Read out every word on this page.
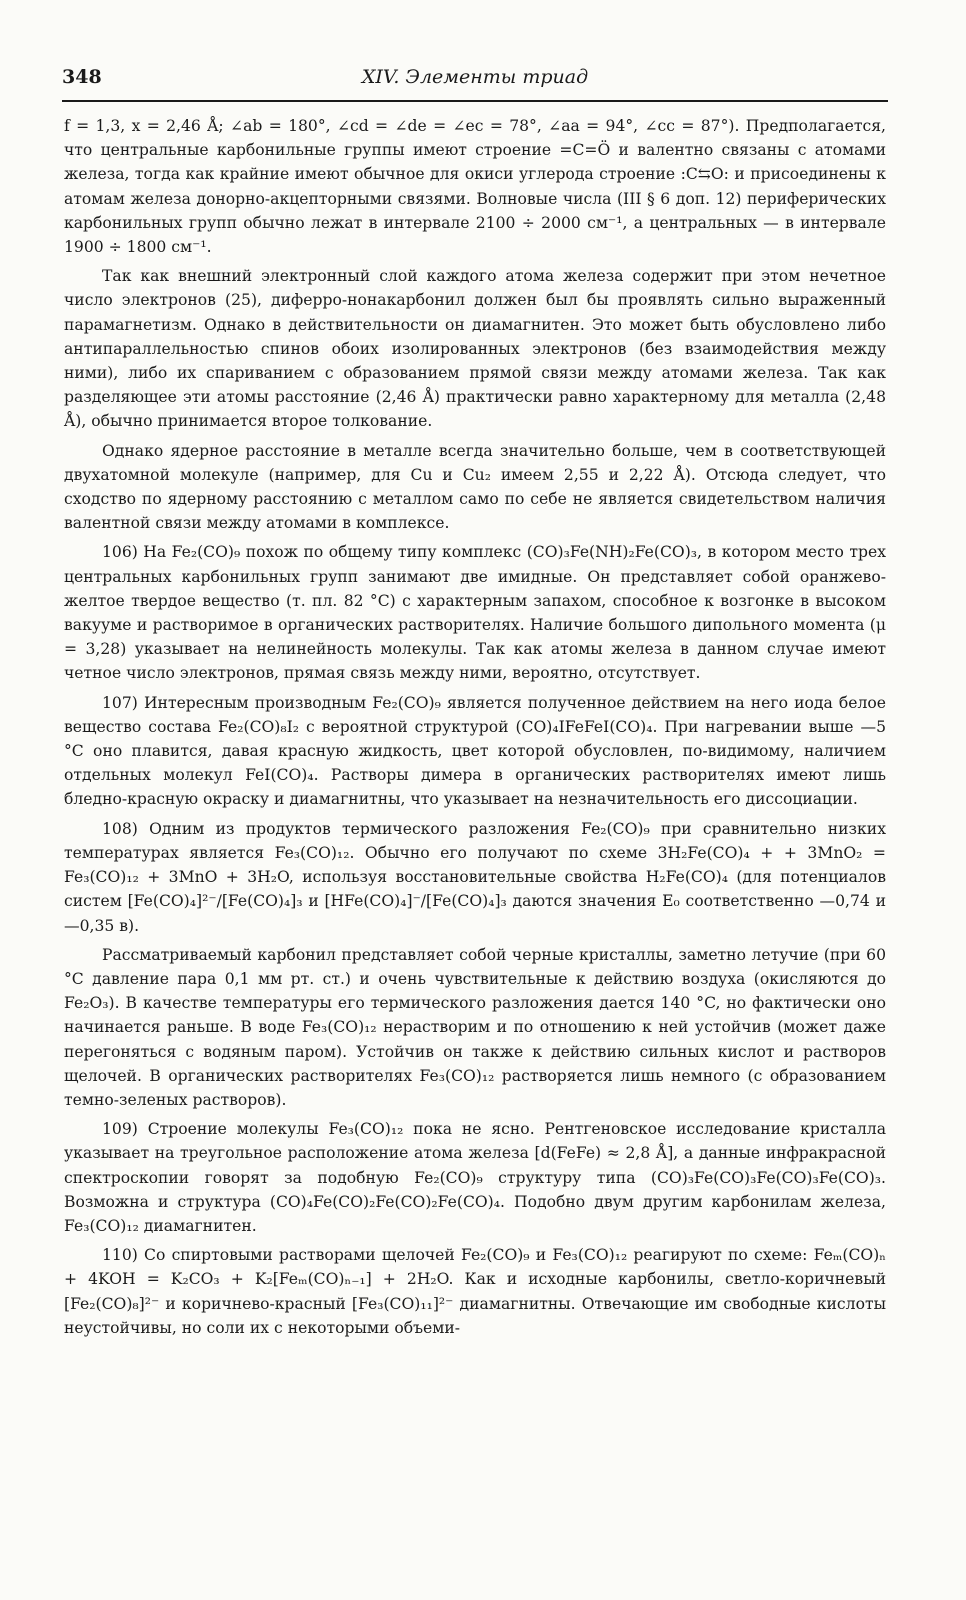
348	XIV. Элементы триад

f = 1,3, x = 2,46 Å; ∠ab = 180°, ∠cd = ∠de = ∠ec = 78°, ∠aa = 94°, ∠cc = 87°). Предполагается, что центральные карбонильные группы имеют строение =C=Ö и валентно связаны с атомами железа, тогда как крайние имеют обычное для окиси углерода строение :C⇆O: и присоединены к атомам железа донорно-акцепторными связями. Волновые числа (III § 6 доп. 12) периферических карбонильных групп обычно лежат в интервале 2100 ÷ 2000 см⁻¹, а центральных — в интервале 1900 ÷ 1800 см⁻¹.

Так как внешний электронный слой каждого атома железа содержит при этом нечетное число электронов (25), диферро-нонакарбонил должен был бы проявлять сильно выраженный парамагнетизм. Однако в действительности он диамагнитен. Это может быть обусловлено либо антипараллельностью спинов обоих изолированных электронов (без взаимодействия между ними), либо их спариванием с образованием прямой связи между атомами железа. Так как разделяющее эти атомы расстояние (2,46 Å) практически равно характерному для металла (2,48 Å), обычно принимается второе толкование.

Однако ядерное расстояние в металле всегда значительно больше, чем в соответствующей двухатомной молекуле (например, для Cu и Cu₂ имеем 2,55 и 2,22 Å). Отсюда следует, что сходство по ядерному расстоянию с металлом само по себе не является свидетельством наличия валентной связи между атомами в комплексе.

106) На Fe₂(CO)₉ похож по общему типу комплекс (CO)₃Fe(NH)₂Fe(CO)₃, в котором место трех центральных карбонильных групп занимают две имидные. Он представляет собой оранжево-желтое твердое вещество (т. пл. 82 °C) с характерным запахом, способное к возгонке в высоком вакууме и растворимое в органических растворителях. Наличие большого дипольного момента (μ = 3,28) указывает на нелинейность молекулы. Так как атомы железа в данном случае имеют четное число электронов, прямая связь между ними, вероятно, отсутствует.

107) Интересным производным Fe₂(CO)₉ является полученное действием на него иода белое вещество состава Fe₂(CO)₈I₂ с вероятной структурой (CO)₄IFeFeI(CO)₄. При нагревании выше —5 °C оно плавится, давая красную жидкость, цвет которой обусловлен, по-видимому, наличием отдельных молекул FeI(CO)₄. Растворы димера в органических растворителях имеют лишь бледно-красную окраску и диамагнитны, что указывает на незначительность его диссоциации.

108) Одним из продуктов термического разложения Fe₂(CO)₉ при сравнительно низких температурах является Fe₃(CO)₁₂. Обычно его получают по схеме 3H₂Fe(CO)₄ + + 3MnO₂ = Fe₃(CO)₁₂ + 3MnO + 3H₂O, используя восстановительные свойства H₂Fe(CO)₄ (для потенциалов систем [Fe(CO)₄]²⁻/[Fe(CO)₄]₃ и [HFe(CO)₄]⁻/[Fe(CO)₄]₃ даются значения E₀ соответственно —0,74 и —0,35 в).

Рассматриваемый карбонил представляет собой черные кристаллы, заметно летучие (при 60 °C давление пара 0,1 мм рт. ст.) и очень чувствительные к действию воздуха (окисляются до Fe₂O₃). В качестве температуры его термического разложения дается 140 °C, но фактически оно начинается раньше. В воде Fe₃(CO)₁₂ нерастворим и по отношению к ней устойчив (может даже перегоняться с водяным паром). Устойчив он также к действию сильных кислот и растворов щелочей. В органических растворителях Fe₃(CO)₁₂ растворяется лишь немного (с образованием темно-зеленых растворов).

109) Строение молекулы Fe₃(CO)₁₂ пока не ясно. Рентгеновское исследование кристалла указывает на треугольное расположение атома железа [d(FeFe) ≈ 2,8 Å], а данные инфракрасной спектроскопии говорят за подобную Fe₂(CO)₉ структуру типа (CO)₃Fe(CO)₃Fe(CO)₃Fe(CO)₃. Возможна и структура (CO)₄Fe(CO)₂Fe(CO)₂Fe(CO)₄. Подобно двум другим карбонилам железа, Fe₃(CO)₁₂ диамагнитен.

110) Со спиртовыми растворами щелочей Fe₂(CO)₉ и Fe₃(CO)₁₂ реагируют по схеме: Feₘ(CO)ₙ + 4KOH = K₂CO₃ + K₂[Feₘ(CO)ₙ₋₁] + 2H₂O. Как и исходные карбонилы, светло-коричневый [Fe₂(CO)₈]²⁻ и коричнево-красный [Fe₃(CO)₁₁]²⁻ диамагнитны. Отвечающие им свободные кислоты неустойчивы, но соли их с некоторыми объеми-
